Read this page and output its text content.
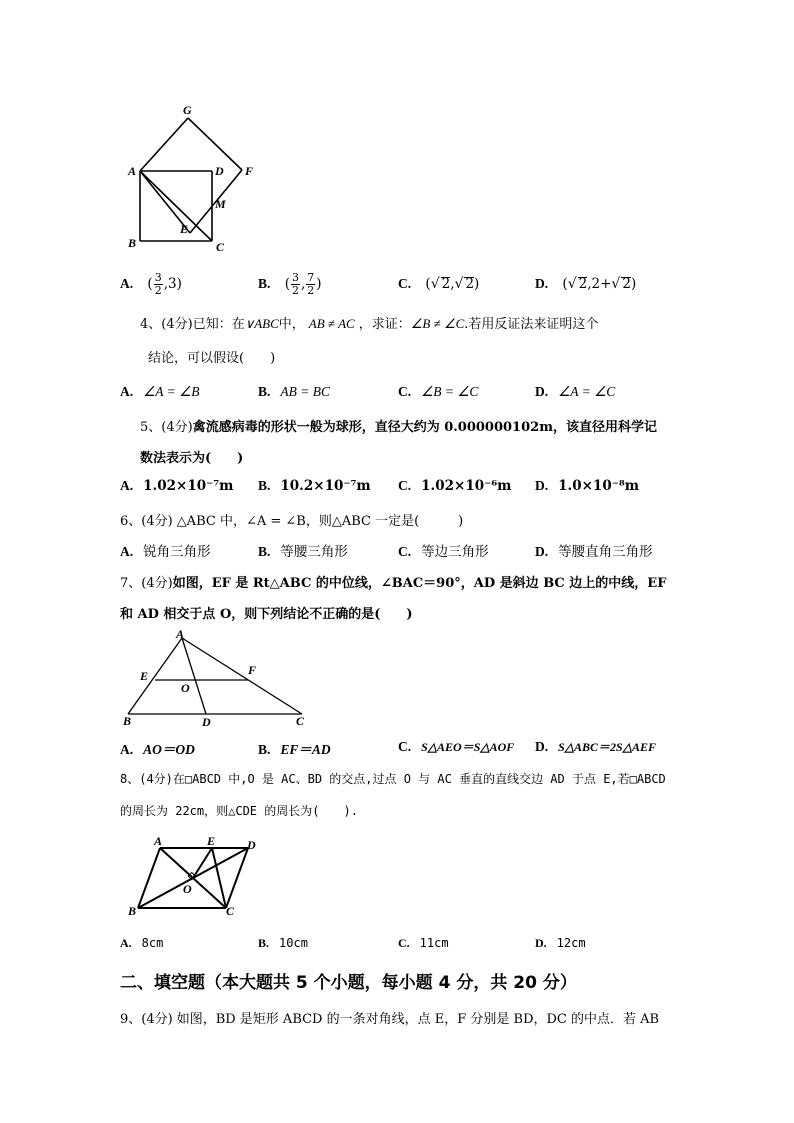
G
A	D F
M
E
B	C
A. ( $\frac{3}{2} ,3$)	B. ( $\frac{3}{2}$ , $\frac{7}{2}$ )	C. (√ 2,√ 2)	D. (√ 2,2+√ 2)
4、(4分)已知：在∨ABC中， AB ≠ AC ，求证：∠B ≠ ∠C.若用反证法来证明这个
结论，可以假设(　　)
A. ∠A = ∠B	B. AB = BC	C. ∠B = ∠C	D. ∠A = ∠C
5、(4分)禽流感病毒的形状一般为球形，直径大约为 0.000000102m，该直径用科学记
数法表示为(　　)
A. 1.02×10⁻⁷m B. 10.2×10⁻⁷m C. 1.02×10⁻⁶m D. 1.0×10⁻⁸m
6、(4分) △ABC 中，∠A = ∠B，则△ABC 一定是(　　　)
A. 锐角三角形	B. 等腰三角形	C. 等边三角形	D. 等腰直角三角形
7、(4分)如图，EF 是 Rt△ABC 的中位线，∠BAC＝90°，AD 是斜边 BC 边上的中线，EF
和 AD 相交于点 O，则下列结论不正确的是(　　)
A
E	F
O
B	D	C
A. AO＝OD	B. EF＝AD	C. S△AEO＝S△AOF D. S△ABC＝2S△AEF
8、(4分)在□ABCD 中,O 是 AC、BD 的交点,过点 O 与 AC 垂直的直线交边 AD 于点 E,若□ABCD
的周长为 22cm，则△CDE 的周长为(　　).
A	E	D
O
B	C
A. 8cm	B. 10cm	C. 11cm	D. 12cm
二、填空题（本大题共 5 个小题，每小题 4 分，共 20 分）
9、(4分) 如图，BD 是矩形 ABCD 的一条对角线，点 E，F 分别是 BD，DC 的中点．若 AB
